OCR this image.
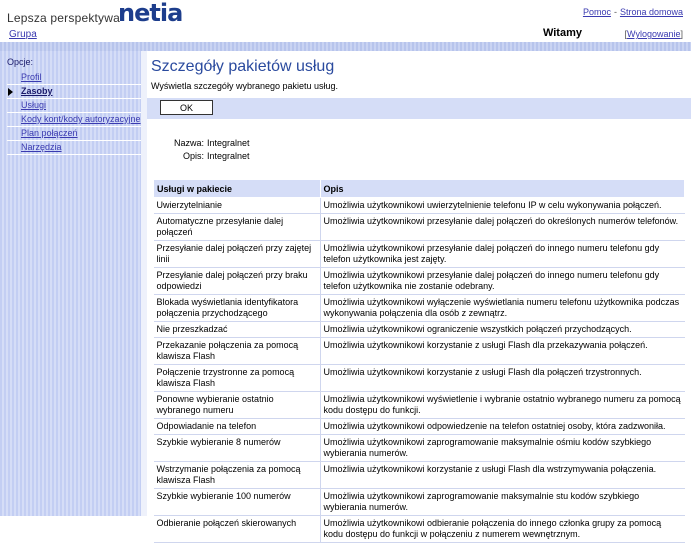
Lepsza perspektywa
netia	Pomoc - Strona domowa
Grupa	Witamy	[Wylogowanie]
Opcje:
Profil
Zasoby
Usługi
Kody kont/kody autoryzacyjne
Plan połączeń
Narzędzia
Szczegóły pakietów usług
Wyświetla szczegóły wybranego pakietu usług.
OK
Nazwa: Integralnet
Opis: Integralnet
Usługi w pakiecie	Opis
Uwierzytelnianie	Umożliwia użytkownikowi uwierzytelnienie telefonu IP w celu wykonywania połączeń.
Automatyczne przesyłanie dalej połączeń	Umożliwia użytkownikowi przesyłanie dalej połączeń do określonych numerów telefonów.
Przesyłanie dalej połączeń przy zajętej linii	Umożliwia użytkownikowi przesyłanie dalej połączeń do innego numeru telefonu gdy telefon użytkownika jest zajęty.
Przesyłanie dalej połączeń przy braku odpowiedzi	Umożliwia użytkownikowi przesyłanie dalej połączeń do innego numeru telefonu gdy telefon użytkownika nie zostanie odebrany.
Blokada wyświetlania identyfikatora połączenia przychodzącego	Umożliwia użytkownikowi wyłączenie wyświetlania numeru telefonu użytkownika podczas wykonywania połączenia dla osób z zewnątrz.
Nie przeszkadzać	Umożliwia użytkownikowi ograniczenie wszystkich połączeń przychodzących.
Przekazanie połączenia za pomocą klawisza Flash	Umożliwia użytkownikowi korzystanie z usługi Flash dla przekazywania połączeń.
Połączenie trzystronne za pomocą klawisza Flash	Umożliwia użytkownikowi korzystanie z usługi Flash dla połączeń trzystronnych.
Ponowne wybieranie ostatnio wybranego numeru	Umożliwia użytkownikowi wyświetlenie i wybranie ostatnio wybranego numeru za pomocą kodu dostępu do funkcji.
Odpowiadanie na telefon	Umożliwia użytkownikowi odpowiedzenie na telefon ostatniej osoby, która zadzwoniła.
Szybkie wybieranie 8 numerów	Umożliwia użytkownikowi zaprogramowanie maksymalnie ośmiu kodów szybkiego wybierania numerów.
Wstrzymanie połączenia za pomocą klawisza Flash	Umożliwia użytkownikowi korzystanie z usługi Flash dla wstrzymywania połączenia.
Szybkie wybieranie 100 numerów	Umożliwia użytkownikowi zaprogramowanie maksymalnie stu kodów szybkiego wybierania numerów.
Odbieranie połączeń skierowanych	Umożliwia użytkownikowi odbieranie połączenia do innego członka grupy za pomocą kodu dostępu do funkcji w połączeniu z numerem wewnętrznym.
